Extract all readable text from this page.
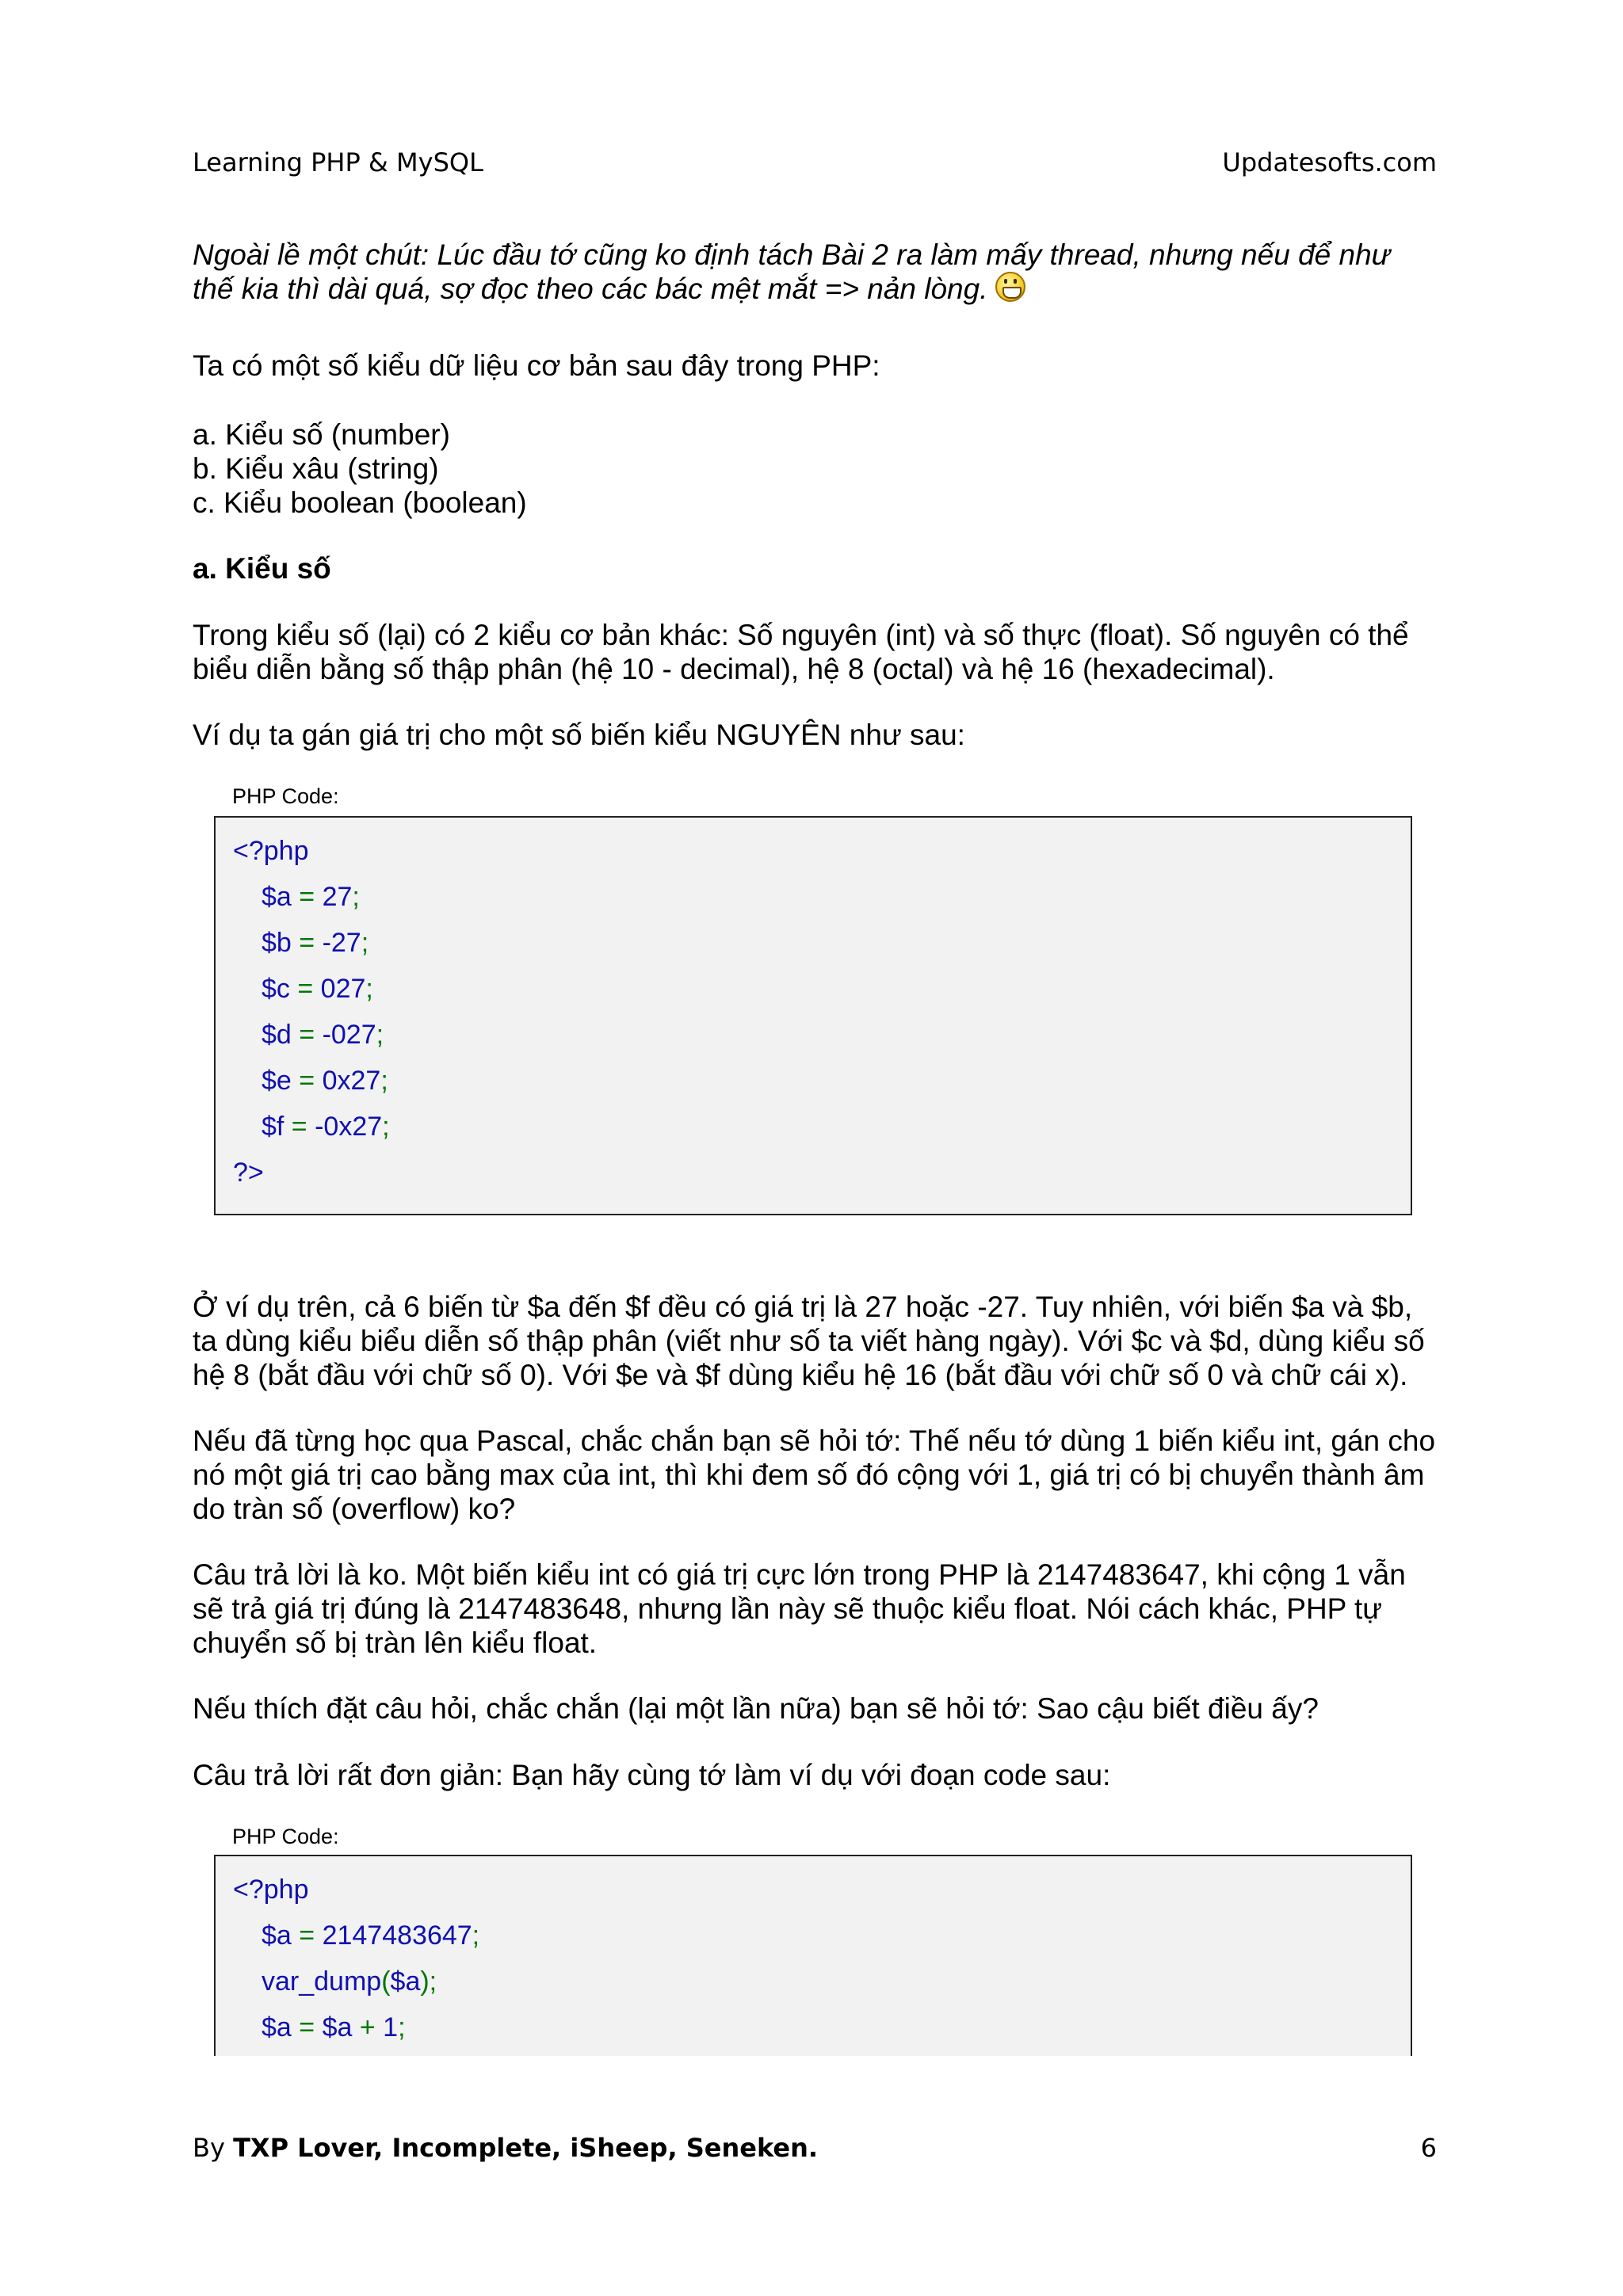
Learning PHP & MySQL	Updatesofts.com

Ngoài lề một chút: Lúc đầu tớ cũng ko định tách Bài 2 ra làm mấy thread, nhưng nếu để như thế kia thì dài quá, sợ đọc theo các bác mệt mắt => nản lòng.

Ta có một số kiểu dữ liệu cơ bản sau đây trong PHP:

a. Kiểu số (number)

b. Kiểu xâu (string)

c. Kiểu boolean (boolean)

a. Kiểu số
Trong kiểu số (lại) có 2 kiểu cơ bản khác: Số nguyên (int) và số thực (float). Số nguyên có thể biểu diễn bằng số thập phân (hệ 10 - decimal), hệ 8 (octal) và hệ 16 (hexadecimal).
Ví dụ ta gán giá trị cho một số biến kiểu NGUYÊN như sau:
PHP Code:
<?php
$a = 27;
$b = -27;
$c = 027;
$d = -027;
$e = 0x27;
$f = -0x27;
?>
Ở ví dụ trên, cả 6 biến từ $a đến $f đều có giá trị là 27 hoặc -27. Tuy nhiên, với biến $a và $b, ta dùng kiểu biểu diễn số thập phân (viết như số ta viết hàng ngày). Với $c và $d, dùng kiểu số hệ 8 (bắt đầu với chữ số 0). Với $e và $f dùng kiểu hệ 16 (bắt đầu với chữ số 0 và chữ cái x).
Nếu đã từng học qua Pascal, chắc chắn bạn sẽ hỏi tớ: Thế nếu tớ dùng 1 biến kiểu int, gán cho nó một giá trị cao bằng max của int, thì khi đem số đó cộng với 1, giá trị có bị chuyển thành âm do tràn số (overflow) ko?
Câu trả lời là ko. Một biến kiểu int có giá trị cực lớn trong PHP là 2147483647, khi cộng 1 vẫn sẽ trả giá trị đúng là 2147483648, nhưng lần này sẽ thuộc kiểu float. Nói cách khác, PHP tự chuyển số bị tràn lên kiểu float.
Nếu thích đặt câu hỏi, chắc chắn (lại một lần nữa) bạn sẽ hỏi tớ: Sao cậu biết điều ấy?
Câu trả lời rất đơn giản: Bạn hãy cùng tớ làm ví dụ với đoạn code sau:
PHP Code:
<?php
$a = 2147483647;
var_dump($a);
$a = $a + 1;
By TXP Lover, Incomplete, iSheep, Seneken.	6
